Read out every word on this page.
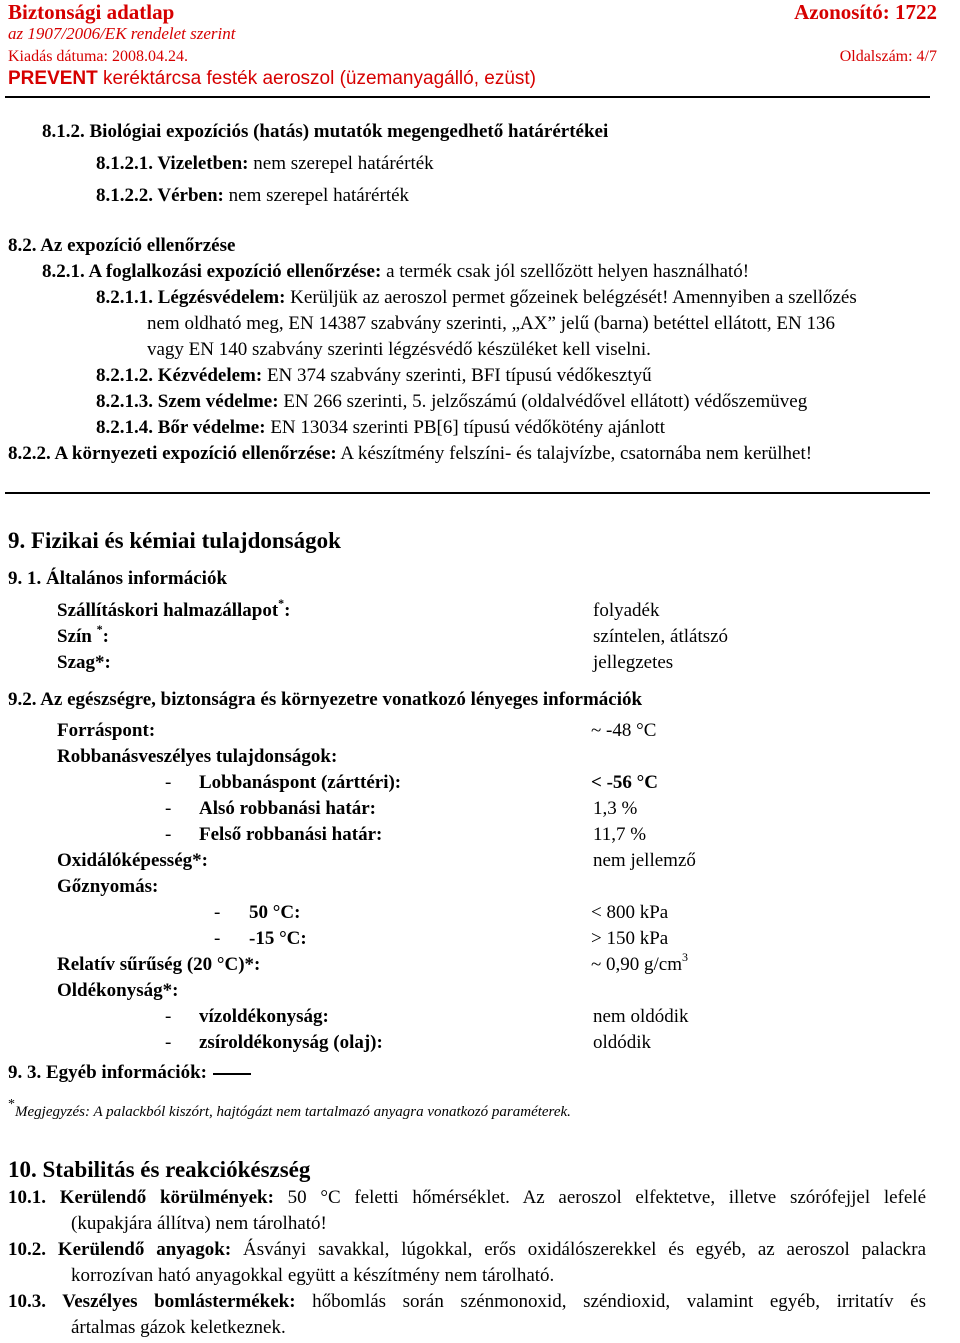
Biztonsági adatlap	Azonosító: 1722
az 1907/2006/EK rendelet szerint
Kiadás dátuma: 2008.04.24.	Oldalszám: 4/7
PREVENT keréktárcsa festék aeroszol (üzemanyagálló, ezüst)
8.1.2. Biológiai expozíciós (hatás) mutatók megengedhető határértékei
8.1.2.1. Vizeletben: nem szerepel határérték
8.1.2.2. Vérben: nem szerepel határérték
8.2. Az expozíció ellenőrzése
8.2.1. A foglalkozási expozíció ellenőrzése: a termék csak jól szellőzött helyen használható!
8.2.1.1. Légzésvédelem: Kerüljük az aeroszol permet gőzeinek belégzését! Amennyiben a szellőzés
nem oldható meg, EN 14387 szabvány szerinti, „AX” jelű (barna) betéttel ellátott, EN 136
vagy EN 140 szabvány szerinti légzésvédő készüléket kell viselni.
8.2.1.2. Kézvédelem: EN 374 szabvány szerinti, BFI típusú védőkesztyű
8.2.1.3. Szem védelme: EN 266 szerinti, 5. jelzőszámú (oldalvédővel ellátott) védőszemüveg
8.2.1.4. Bőr védelme: EN 13034 szerinti PB[6] típusú védőkötény ajánlott
8.2.2. A környezeti expozíció ellenőrzése: A készítmény felszíni- és talajvízbe, csatornába nem kerülhet!
9. Fizikai és kémiai tulajdonságok
9. 1. Általános információk
Szállításkori halmazállapot*:	folyadék
Szín *:	színtelen, átlátszó
Szag*:	jellegzetes
9.2. Az egészségre, biztonságra és környezetre vonatkozó lényeges információk
Forráspont:	~ -48 °C
Robbanásveszélyes tulajdonságok:
- Lobbanáspont (zárttéri):	< -56 °C
- Alsó robbanási határ:	1,3 %
- Felső robbanási határ:	11,7 %
Oxidálóképesség*:	nem jellemző
Gőznyomás:
- 50 °C:	< 800 kPa
- -15 °C:	> 150 kPa
Relatív sűrűség (20 °C)*:	~ 0,90 $g/cm^3$
Oldékonyság*:
- vízoldékonyság:	nem oldódik
- zsíroldékonyság (olaj):	oldódik
9. 3. Egyéb információk:
*Megjegyzés: A palackból kiszórt, hajtógázt nem tartalmazó anyagra vonatkozó paraméterek.
10. Stabilitás és reakciókészség
10.1. Kerülendő körülmények: 50 °C feletti hőmérséklet. Az aeroszol elfektetve, illetve szórófejjel lefelé
(kupakjára állítva) nem tárolható!
10.2. Kerülendő anyagok: Ásványi savakkal, lúgokkal, erős oxidálószerekkel és egyéb, az aeroszol palackra
korrozívan ható anyagokkal együtt a készítmény nem tárolható.
10.3. Veszélyes bomlástermékek: hőbomlás során szénmonoxid, széndioxid, valamint egyéb, irritatív és
ártalmas gázok keletkeznek.
